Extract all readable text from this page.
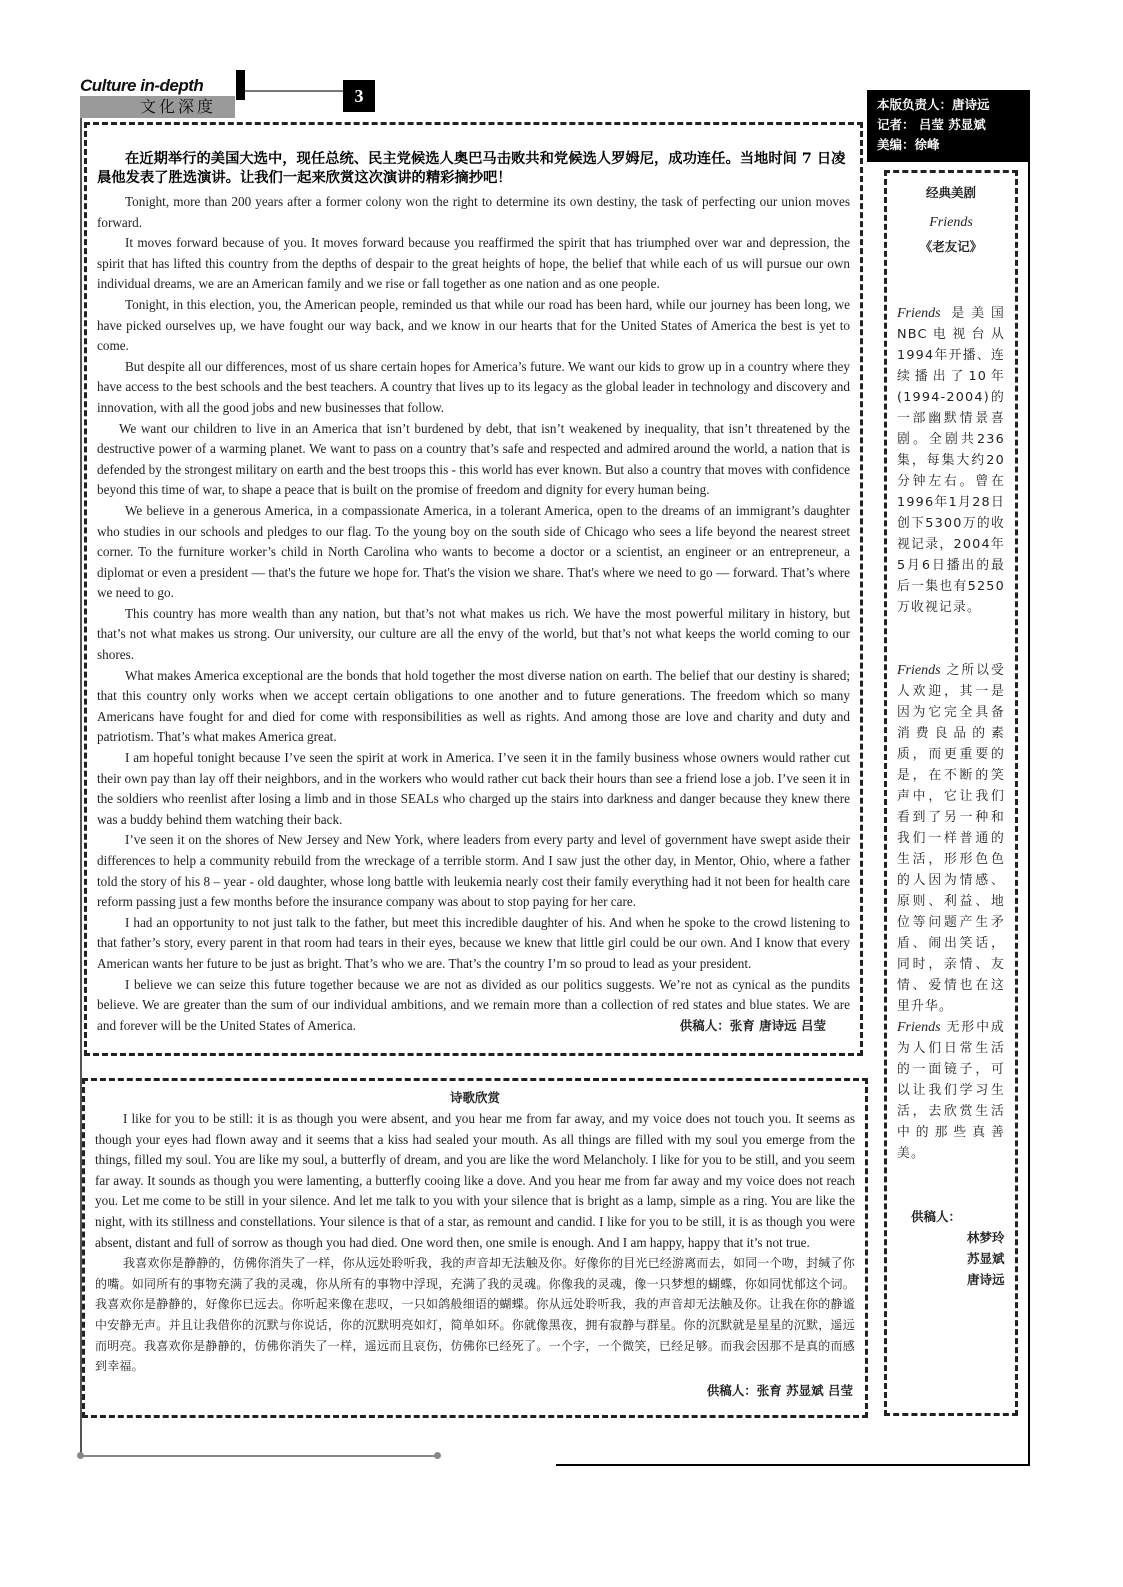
Culture in-depth
文化深度
3	本版负责人：唐诗远
记者： 吕莹 苏显斌
美编：徐峰

在近期举行的美国大选中，现任总统、民主党候选人奥巴马击败共和党候选人罗姆尼，成功连任。当地时间 7 日凌晨他发表了胜选演讲。让我们一起来欣赏这次演讲的精彩摘抄吧！

Tonight, more than 200 years after a former colony won the right to determine its own destiny, the task of perfecting our union moves forward.

It moves forward because of you. It moves forward because you reaffirmed the spirit that has triumphed over war and depression, the spirit that has lifted this country from the depths of despair to the great heights of hope, the belief that while each of us will pursue our own individual dreams, we are an American family and we rise or fall together as one nation and as one people.

Tonight, in this election, you, the American people, reminded us that while our road has been hard, while our journey has been long, we have picked ourselves up, we have fought our way back, and we know in our hearts that for the United States of America the best is yet to come.

But despite all our differences, most of us share certain hopes for America’s future. We want our kids to grow up in a country where they have access to the best schools and the best teachers. A country that lives up to its legacy as the global leader in technology and discovery and innovation, with all the good jobs and new businesses that follow.

We want our children to live in an America that isn’t burdened by debt, that isn’t weakened by inequality, that isn’t threatened by the destructive power of a warming planet. We want to pass on a country that’s safe and respected and admired around the world, a nation that is defended by the strongest military on earth and the best troops this - this world has ever known. But also a country that moves with confidence beyond this time of war, to shape a peace that is built on the promise of freedom and dignity for every human being.

We believe in a generous America, in a compassionate America, in a tolerant America, open to the dreams of an immigrant’s daughter who studies in our schools and pledges to our flag. To the young boy on the south side of Chicago who sees a life beyond the nearest street corner. To the furniture worker’s child in North Carolina who wants to become a doctor or a scientist, an engineer or an entrepreneur, a diplomat or even a president — that's the future we hope for. That's the vision we share. That's where we need to go — forward. That’s where we need to go.

This country has more wealth than any nation, but that’s not what makes us rich. We have the most powerful military in history, but that’s not what makes us strong. Our university, our culture are all the envy of the world, but that’s not what keeps the world coming to our shores.

What makes America exceptional are the bonds that hold together the most diverse nation on earth. The belief that our destiny is shared; that this country only works when we accept certain obligations to one another and to future generations. The freedom which so many Americans have fought for and died for come with responsibilities as well as rights. And among those are love and charity and duty and patriotism. That’s what makes America great.

I am hopeful tonight because I’ve seen the spirit at work in America. I’ve seen it in the family business whose owners would rather cut their own pay than lay off their neighbors, and in the workers who would rather cut back their hours than see a friend lose a job. I’ve seen it in the soldiers who reenlist after losing a limb and in those SEALs who charged up the stairs into darkness and danger because they knew there was a buddy behind them watching their back.

I’ve seen it on the shores of New Jersey and New York, where leaders from every party and level of government have swept aside their differences to help a community rebuild from the wreckage of a terrible storm. And I saw just the other day, in Mentor, Ohio, where a father told the story of his 8 – year - old daughter, whose long battle with leukemia nearly cost their family everything had it not been for health care reform passing just a few months before the insurance company was about to stop paying for her care.

I had an opportunity to not just talk to the father, but meet this incredible daughter of his. And when he spoke to the crowd listening to that father’s story, every parent in that room had tears in their eyes, because we knew that little girl could be our own. And I know that every American wants her future to be just as bright. That’s who we are. That’s the country I’m so proud to lead as your president.

I believe we can seize this future together because we are not as divided as our politics suggests. We’re not as cynical as the pundits believe. We are greater than the sum of our individual ambitions, and we remain more than a collection of red states and blue states. We are and forever will be the United States of America.	供稿人：张育 唐诗远 吕莹

诗歌欣赏

I like for you to be still: it is as though you were absent, and you hear me from far away, and my voice does not touch you. It seems as though your eyes had flown away and it seems that a kiss had sealed your mouth. As all things are filled with my soul you emerge from the things, filled my soul. You are like my soul, a butterfly of dream, and you are like the word Melancholy. I like for you to be still, and you seem far away. It sounds as though you were lamenting, a butterfly cooing like a dove. And you hear me from far away and my voice does not reach you. Let me come to be still in your silence. And let me talk to you with your silence that is bright as a lamp, simple as a ring. You are like the night, with its stillness and constellations. Your silence is that of a star, as remount and candid. I like for you to be still, it is as though you were absent, distant and full of sorrow as though you had died. One word then, one smile is enough. And I am happy, happy that it’s not true.

我喜欢你是静静的，仿佛你消失了一样，你从远处聆听我，我的声音却无法触及你。好像你的目光已经游离而去，如同一个吻，封缄了你的嘴。如同所有的事物充满了我的灵魂，你从所有的事物中浮现，充满了我的灵魂。你像我的灵魂，像一只梦想的蝴蝶，你如同忧郁这个词。我喜欢你是静静的，好像你已远去。你听起来像在悲叹，一只如鸽般细语的蝴蝶。你从远处聆听我，我的声音却无法触及你。让我在你的静谧中安静无声。并且让我借你的沉默与你说话，你的沉默明亮如灯，简单如环。你就像黑夜，拥有寂静与群星。你的沉默就是星星的沉默，遥远而明亮。我喜欢你是静静的，仿佛你消失了一样，遥远而且哀伤，仿佛你已经死了。一个字，一个微笑，已经足够。而我会因那不是真的而感到幸福。

供稿人：张育 苏显斌 吕莹
经典美剧
Friends
《老友记》

Friends 是美国NBC电视台从1994年开播、连续播出了10年(1994-2004)的一部幽默情景喜剧。全剧共236集，每集大约20分钟左右。曾在1996年1月28日创下5300万的收视记录，2004年5月6日播出的最后一集也有5250万收视记录。

Friends 之所以受人欢迎，其一是因为它完全具备消费良品的素质，而更重要的是，在不断的笑声中，它让我们看到了另一种和我们一样普通的生活，形形色色的人因为情感、原则、利益、地位等问题产生矛盾、闹出笑话，同时，亲情、友情、爱情也在这里升华。

Friends 无形中成为人们日常生活的一面镜子，可以让我们学习生活，去欣赏生活中的那些真善美。

供稿人：
林梦玲
苏显斌
唐诗远
